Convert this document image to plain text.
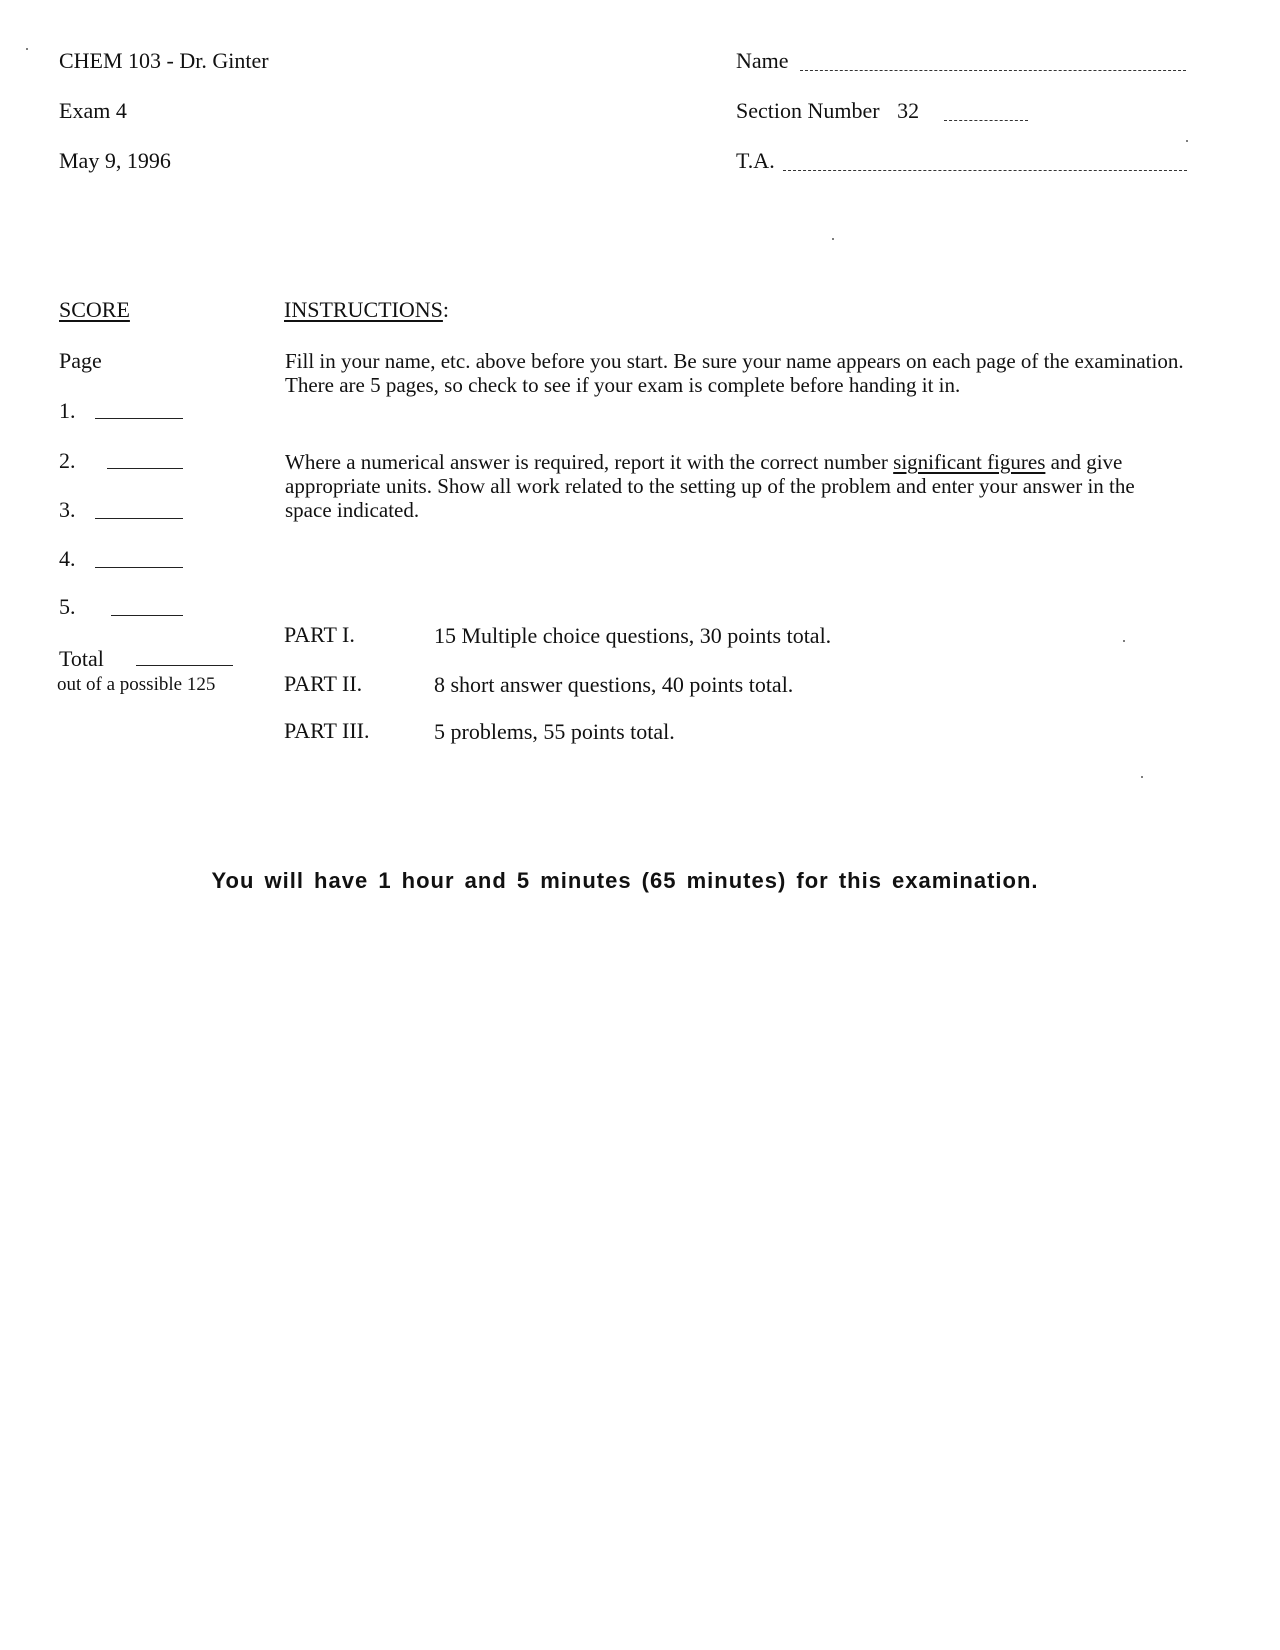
CHEM 103 - Dr. Ginter
Exam 4
May 9, 1996
Name
Section Number 32
T.A.
SCORE
Page
1.
2.
3.
4.
5.
Total
out of a possible 125
INSTRUCTIONS:
Fill in your name, etc. above before you start. Be sure your name appears on each page of the examination. There are 5 pages, so check to see if your exam is complete before handing it in.
Where a numerical answer is required, report it with the correct number significant figures and give appropriate units. Show all work related to the setting up of the problem and enter your answer in the space indicated.
PART I.	15 Multiple choice questions, 30 points total.
PART II.	8 short answer questions, 40 points total.
PART III.	5 problems, 55 points total.
You will have 1 hour and 5 minutes (65 minutes) for this examination.
